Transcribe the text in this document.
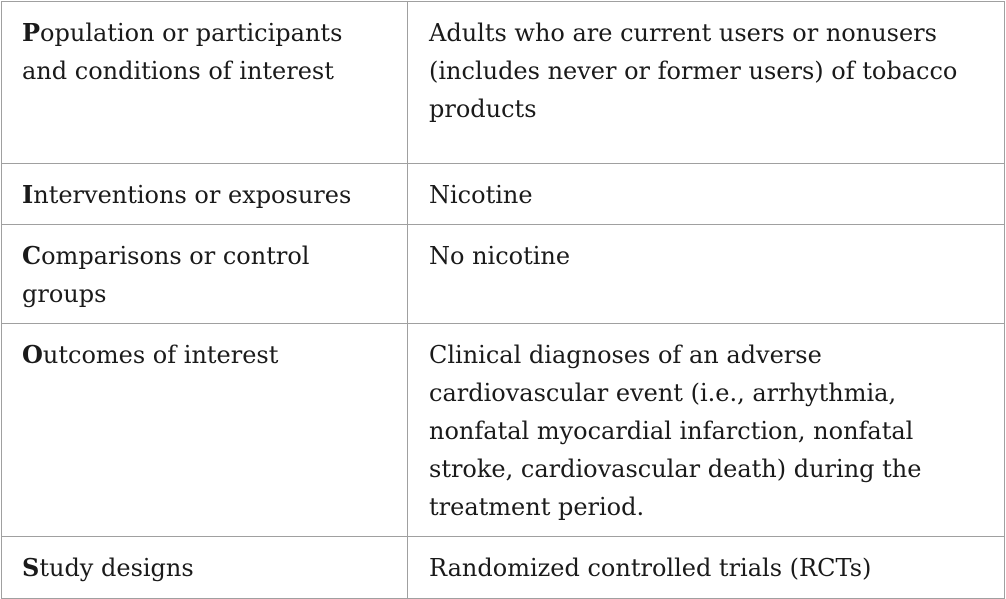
Population or participants and conditions of interest	Adults who are current users or nonusers (includes never or former users) of tobacco products
Interventions or exposures	Nicotine
Comparisons or control groups	No nicotine
Outcomes of interest	Clinical diagnoses of an adverse cardiovascular event (i.e., arrhythmia, nonfatal myocardial infarction, nonfatal stroke, cardiovascular death) during the treatment period.
Study designs	Randomized controlled trials (RCTs)
